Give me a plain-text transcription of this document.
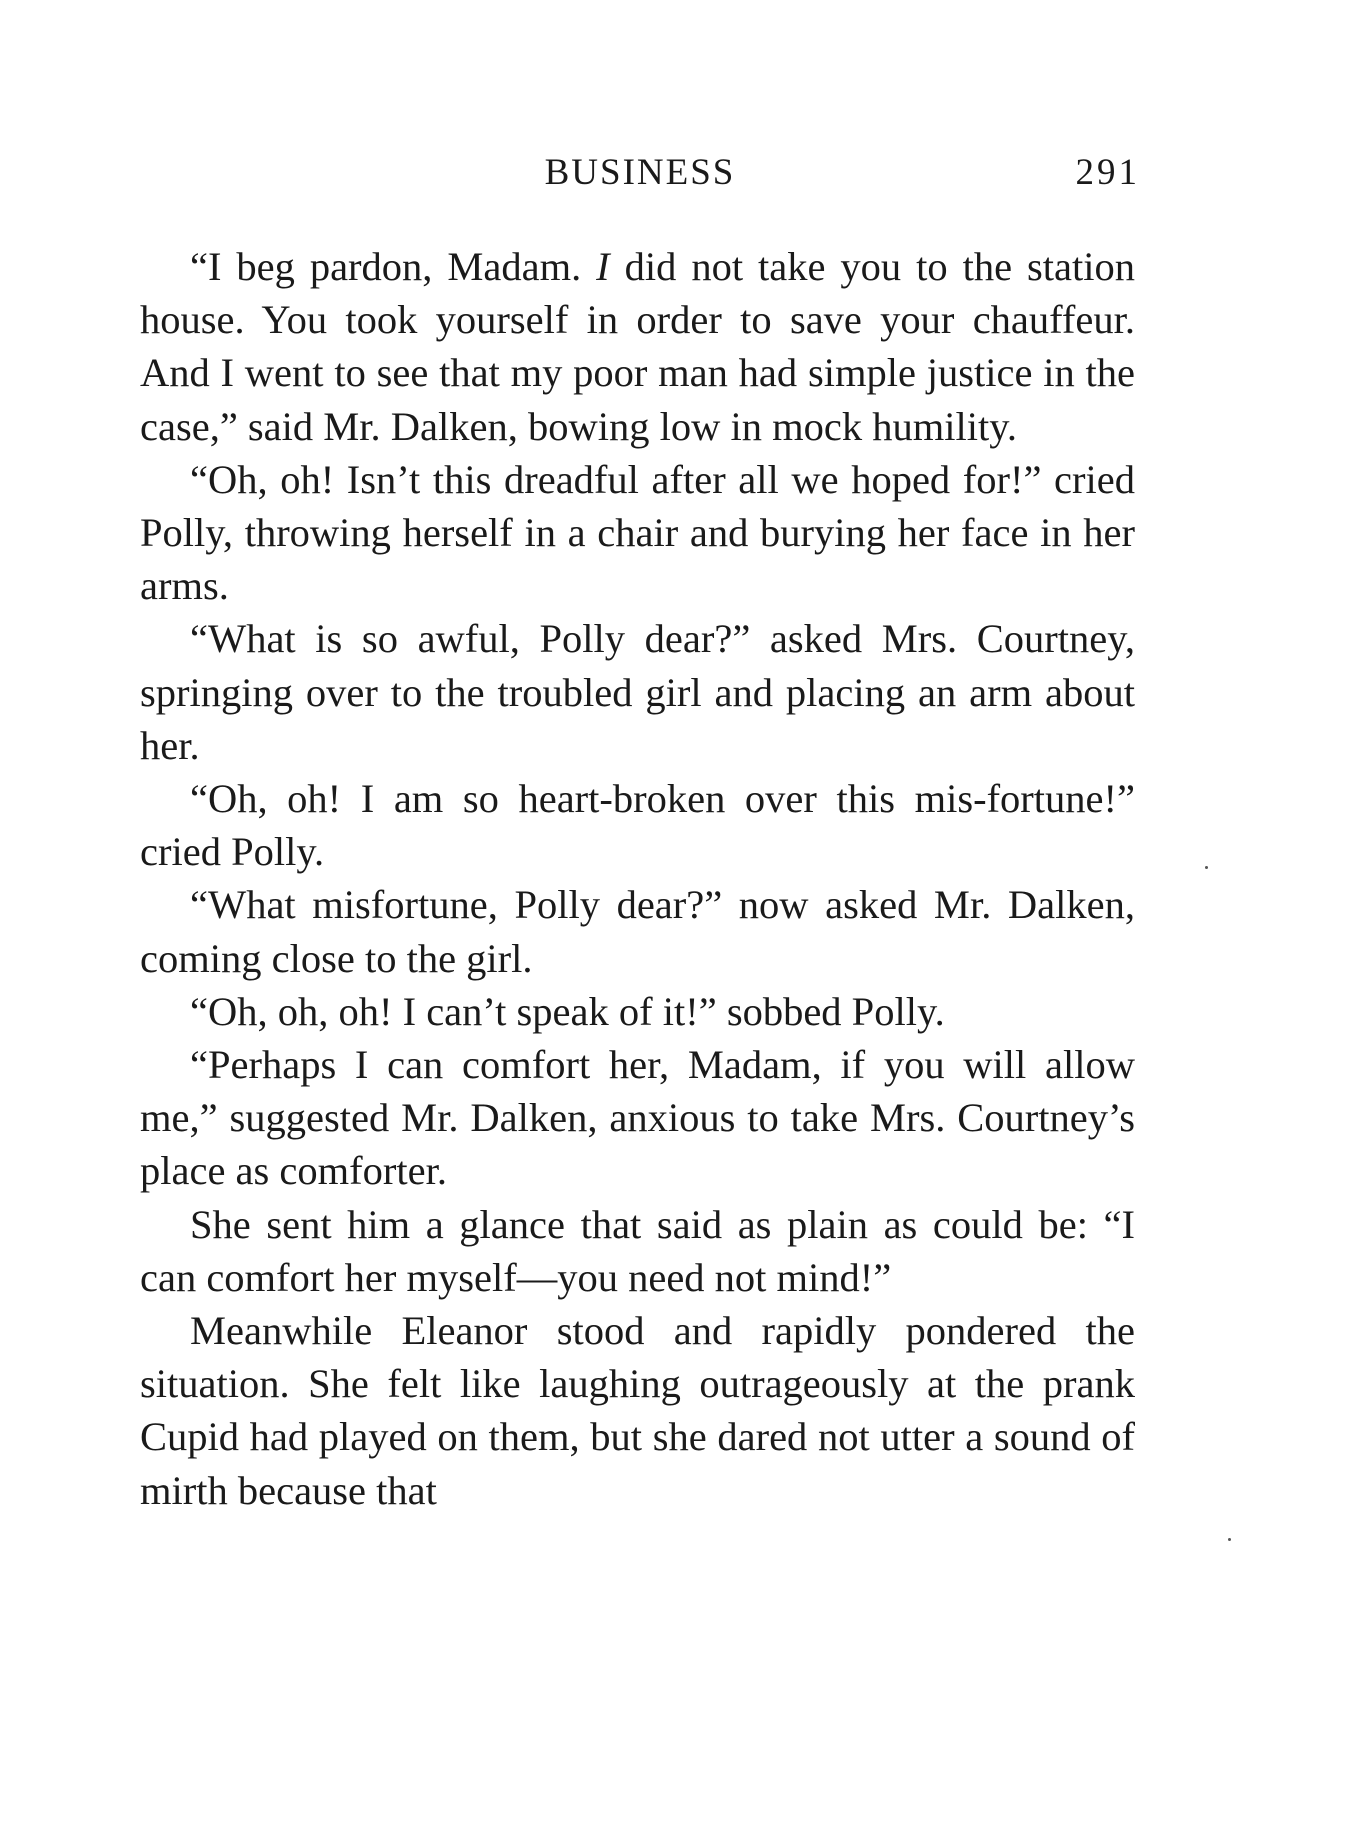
BUSINESS	291

“I beg pardon, Madam. I did not take you to the station house. You took yourself in order to save your chauffeur. And I went to see that my poor man had simple justice in the case,” said Mr. Dalken, bowing low in mock humility.

“Oh, oh! Isn’t this dreadful after all we hoped for!” cried Polly, throwing herself in a chair and burying her face in her arms.

“What is so awful, Polly dear?” asked Mrs. Courtney, springing over to the troubled girl and placing an arm about her.

“Oh, oh! I am so heart-broken over this mis-fortune!” cried Polly.

“What misfortune, Polly dear?” now asked Mr. Dalken, coming close to the girl.

“Oh, oh, oh! I can’t speak of it!” sobbed Polly.

“Perhaps I can comfort her, Madam, if you will allow me,” suggested Mr. Dalken, anxious to take Mrs. Courtney’s place as comforter.

She sent him a glance that said as plain as could be: “I can comfort her myself—you need not mind!”

Meanwhile Eleanor stood and rapidly pondered the situation. She felt like laughing outrageously at the prank Cupid had played on them, but she dared not utter a sound of mirth because that
